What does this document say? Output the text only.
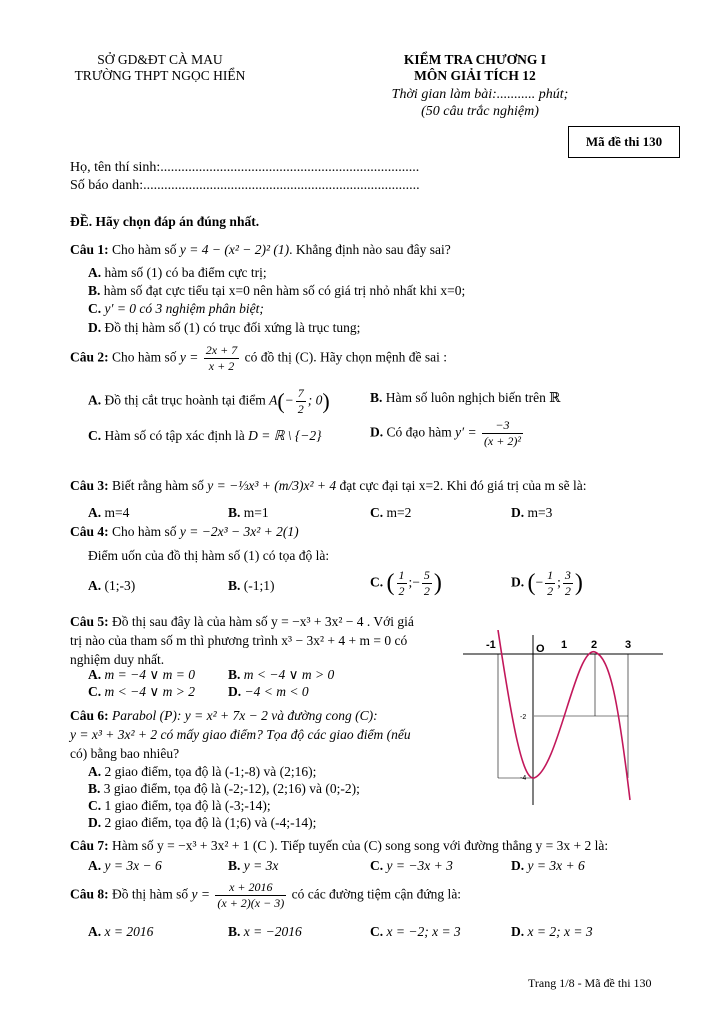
SỞ GD&ĐT CÀ MAU
TRƯỜNG THPT NGỌC HIỂN
KIỂM TRA CHƯƠNG I
MÔN GIẢI TÍCH 12
Thời gian làm bài:........... phút;
(50 câu trắc nghiệm)
Mã đề thi 130
Họ, tên thí sinh:..........................................................................
Số báo danh:...............................................................................
ĐỀ. Hãy chọn đáp án đúng nhất.
Câu 1: Cho hàm số y = 4 − (x² − 2)² (1). Khẳng định nào sau đây sai?
A. hàm số (1) có ba điểm cực trị;
B. hàm số đạt cực tiểu tại x=0 nên hàm số có giá trị nhỏ nhất khi x=0;
C. y′ = 0 có 3 nghiệm phân biệt;
D. Đồ thị hàm số (1) có trục đối xứng là trục tung;
Câu 2: Cho hàm số $y = \frac{2x + 7}{x + 2}$ có đồ thị (C). Hãy chọn mệnh đề sai :
A. Đồ thị cắt trục hoành tại điểm $A(- \frac{7}{2}$ ; 0)	B. Hàm số luôn nghịch biến trên ℝ
C. Hàm số có tập xác định là D = ℝ \ {−2}	D. Có đạo hàm $y' = \frac{-3}{\text{(x + 2)²}}$
Câu 3: Biết rằng hàm số y = −⅓x³ + (m/3)x² + 4 đạt cực đại tại x=2. Khi đó giá trị của m sẽ là:
A. m=4	B. m=1	C. m=2	D. m=3
Câu 4: Cho hàm số y = −2x³ − 3x² + 2(1)
Điểm uốn của đồ thị hàm số (1) có tọa độ là:
A. (1;-3)	B. (-1;1)	C. ( $\frac{1}{2}$ ;− $\frac{5}{2}$ )	D. (− $\frac{1}{2}$ ; $\frac{3}{2}$ )
Câu 5: Đồ thị sau đây là của hàm số y = −x³ + 3x² − 4 . Với giá
trị nào của tham số m thì phương trình x³ − 3x² + 4 + m = 0 có
nghiệm duy nhất.
A. m = −4 ∨ m = 0 B. m < −4 ∨ m > 0
C. m < −4 ∨ m > 2 D. −4 < m < 0
-1	O 1 2	3
-2
-4
Câu 6: Parabol (P): y = x² + 7x − 2 và đường cong (C):
y = x³ + 3x² + 2 có mấy giao điểm? Tọa độ các giao điểm (nếu
có) bằng bao nhiêu?
A. 2 giao điểm, tọa độ là (-1;-8) và (2;16);
B. 3 giao điểm, tọa độ là (-2;-12), (2;16) và (0;-2);
C. 1 giao điểm, tọa độ là (-3;-14);
D. 2 giao điểm, tọa độ là (1;6) và (-4;-14);
Câu 7: Hàm số y = −x³ + 3x² + 1 (C ). Tiếp tuyến của (C) song song với đường thẳng y = 3x + 2 là:
A. y = 3x − 6	B. y = 3x	C. y = −3x + 3	D. y = 3x + 6
Câu 8: Đồ thị hàm số $y = \frac{x + 2016}{(x + 2)(x - 3)}$ có các đường tiệm cận đứng là:
A. x = 2016	B. x = −2016	C. x = −2; x = 3	D. x = 2; x = 3
Trang 1/8 - Mã đề thi 130
